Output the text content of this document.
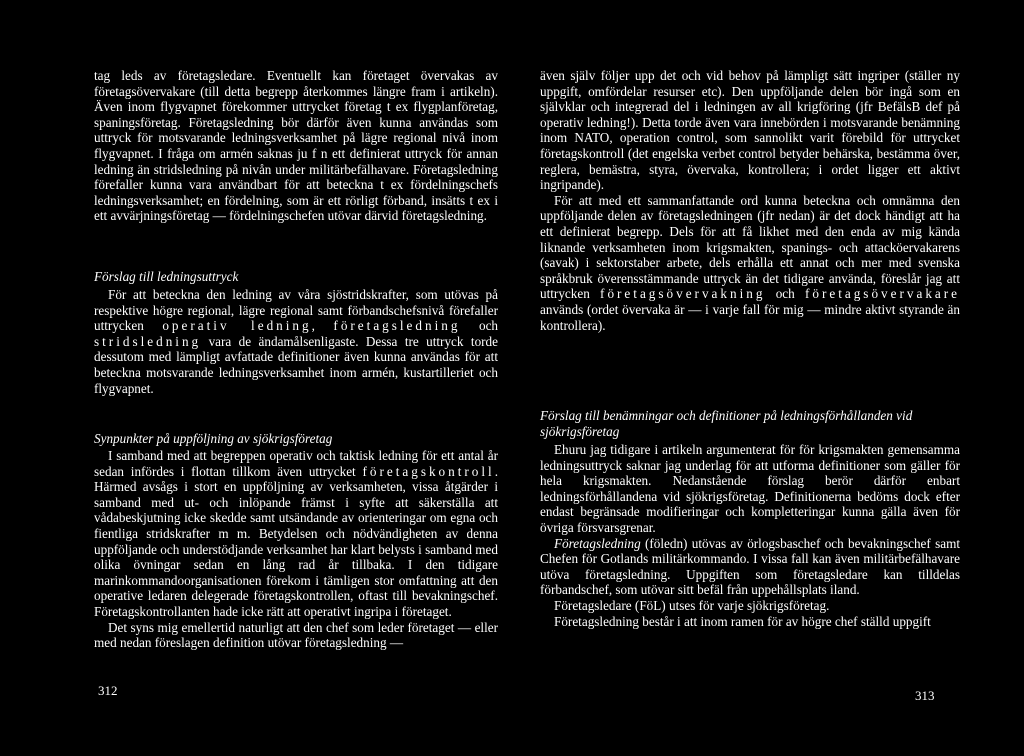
tag leds av företagsledare. Eventuellt kan företaget övervakas av företagsövervakare (till detta begrepp återkommes längre fram i artikeln). Även inom flygvapnet förekommer uttrycket företag t ex flygplanföretag, spaningsföretag. Företagsledning bör därför även kunna användas som uttryck för motsvarande ledningsverksamhet på lägre regional nivå inom flygvapnet. I fråga om armén saknas ju f n ett definierat uttryck för annan ledning än stridsledning på nivån under militärbefälhavare. Företagsledning förefaller kunna vara användbart för att beteckna t ex fördelningschefs ledningsverksamhet; en fördelning, som är ett rörligt förband, insätts t ex i ett avvärjningsföretag — fördelningschefen utövar därvid företagsledning.

Förslag till ledningsuttryck

För att beteckna den ledning av våra sjöstridskrafter, som utövas på respektive högre regional, lägre regional samt förbandschefsnivå förefaller uttrycken operativ ledning, företagsledning och stridsledning vara de ändamålsenligaste. Dessa tre uttryck torde dessutom med lämpligt avfattade definitioner även kunna användas för att beteckna motsvarande ledningsverksamhet inom armén, kustartilleriet och flygvapnet.

Synpunkter på uppföljning av sjökrigsföretag

I samband med att begreppen operativ och taktisk ledning för ett antal år sedan infördes i flottan tillkom även uttrycket företagskontroll. Härmed avsågs i stort en uppföljning av verksamheten, vissa åtgärder i samband med ut- och inlöpande främst i syfte att säkerställa att vådabeskjutning icke skedde samt utsändande av orienteringar om egna och fientliga stridskrafter m m. Betydelsen och nödvändigheten av denna uppföljande och understödjande verksamhet har klart belysts i samband med olika övningar sedan en lång rad år tillbaka. I den tidigare marinkommandoorganisationen förekom i tämligen stor omfattning att den operative ledaren delegerade företagskontrollen, oftast till bevakningschef. Företagskontrollanten hade icke rätt att operativt ingripa i företaget.

Det syns mig emellertid naturligt att den chef som leder företaget — eller med nedan föreslagen definition utövar företagsledning —

312

även själv följer upp det och vid behov på lämpligt sätt ingriper (ställer ny uppgift, omfördelar resurser etc). Den uppföljande delen bör ingå som en självklar och integrerad del i ledningen av all krigföring (jfr BefälsB def på operativ ledning!). Detta torde även vara innebörden i motsvarande benämning inom NATO, operation control, som sannolikt varit förebild för uttrycket företagskontroll (det engelska verbet control betyder behärska, bestämma över, reglera, bemästra, styra, övervaka, kontrollera; i ordet ligger ett aktivt ingripande).

För att med ett sammanfattande ord kunna beteckna och omnämna den uppföljande delen av företagsledningen (jfr nedan) är det dock händigt att ha ett definierat begrepp. Dels för att få likhet med den enda av mig kända liknande verksamheten inom krigsmakten, spanings- och attacköervakarens (savak) i sektorstaber arbete, dels erhålla ett annat och mer med svenska språkbruk överensstämmande uttryck än det tidigare använda, föreslår jag att uttrycken företagsövervakning och företagsövervakare används (ordet övervaka är — i varje fall för mig — mindre aktivt styrande än kontrollera).

Förslag till benämningar och definitioner på ledningsförhållanden vid sjökrigsföretag

Ehuru jag tidigare i artikeln argumenterat för för krigsmakten gemensamma ledningsuttryck saknar jag underlag för att utforma definitioner som gäller för hela krigsmakten. Nedanstående förslag berör därför enbart ledningsförhållandena vid sjökrigsföretag. Definitionerna bedöms dock efter endast begränsade modifieringar och kompletteringar kunna gälla även för övriga försvarsgrenar.

Företagsledning (föledn) utövas av örlogsbaschef och bevakningschef samt Chefen för Gotlands militärkommando. I vissa fall kan även militärbefälhavare utöva företagsledning. Uppgiften som företagsledare kan tilldelas förbandschef, som utövar sitt befäl från uppehållsplats iland.

Företagsledare (FöL) utses för varje sjökrigsföretag.

Företagsledning består i att inom ramen för av högre chef ställd uppgift

313
